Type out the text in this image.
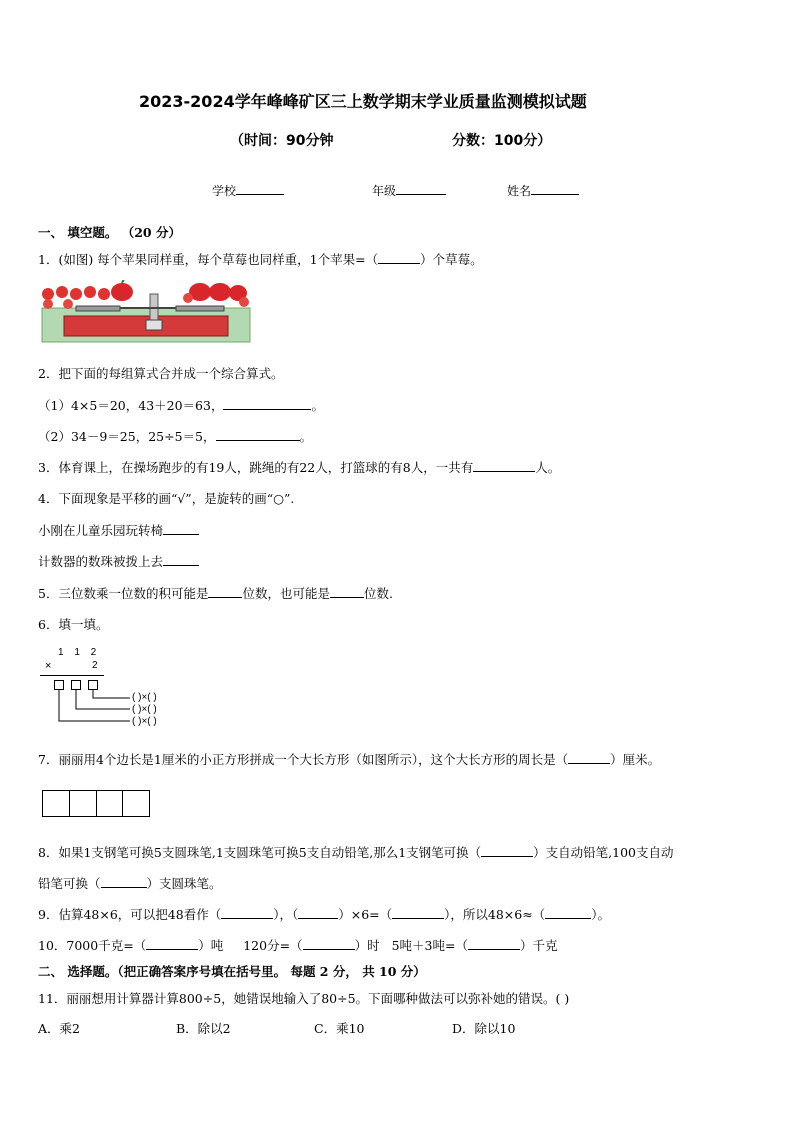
2023-2024学年峰峰矿区三上数学期末学业质量监测模拟试题
（时间：90分钟	分数：100分）
学校	年级	姓名
一、 填空题。 （20 分）
1．(如图) 每个苹果同样重，每个草莓也同样重，1个苹果=（	）个草莓。
2．把下面的每组算式合并成一个综合算式。
（1）4×5＝20，43＋20＝63，	。
（2）34－9＝25，25÷5＝5，	。
3．体育课上，在操场跑步的有19人，跳绳的有22人，打篮球的有8人，一共有	人。
4．下面现象是平移的画“√”，是旋转的画“○”.
小刚在儿童乐园玩转椅
计数器的数珠被拨上去
5．三位数乘一位数的积可能是	位数，也可能是	位数.
6．填一填。
1 1 2
×	2
( )×( )
( )×( )
( )×( )
7．丽丽用4个边长是1厘米的小正方形拼成一个大长方形（如图所示），这个大长方形的周长是（	）厘米。
8．如果1支钢笔可换5支圆珠笔,1支圆珠笔可换5支自动铅笔,那么1支钢笔可换（	）支自动铅笔,100支自动
铅笔可换（	）支圆珠笔。
9．估算48×6，可以把48看作（	），（	）×6=（	），所以48×6≈（	）。
10．7000千克=（	）吨 120分=（	）时 5吨＋3吨=（	）千克
二、 选择题。（把正确答案序号填在括号里。 每题 2 分， 共 10 分）
11．丽丽想用计算器计算800÷5，她错误地输入了80÷5。下面哪种做法可以弥补她的错误。( )
A．乘2	B．除以2	C．乘10	D．除以10
